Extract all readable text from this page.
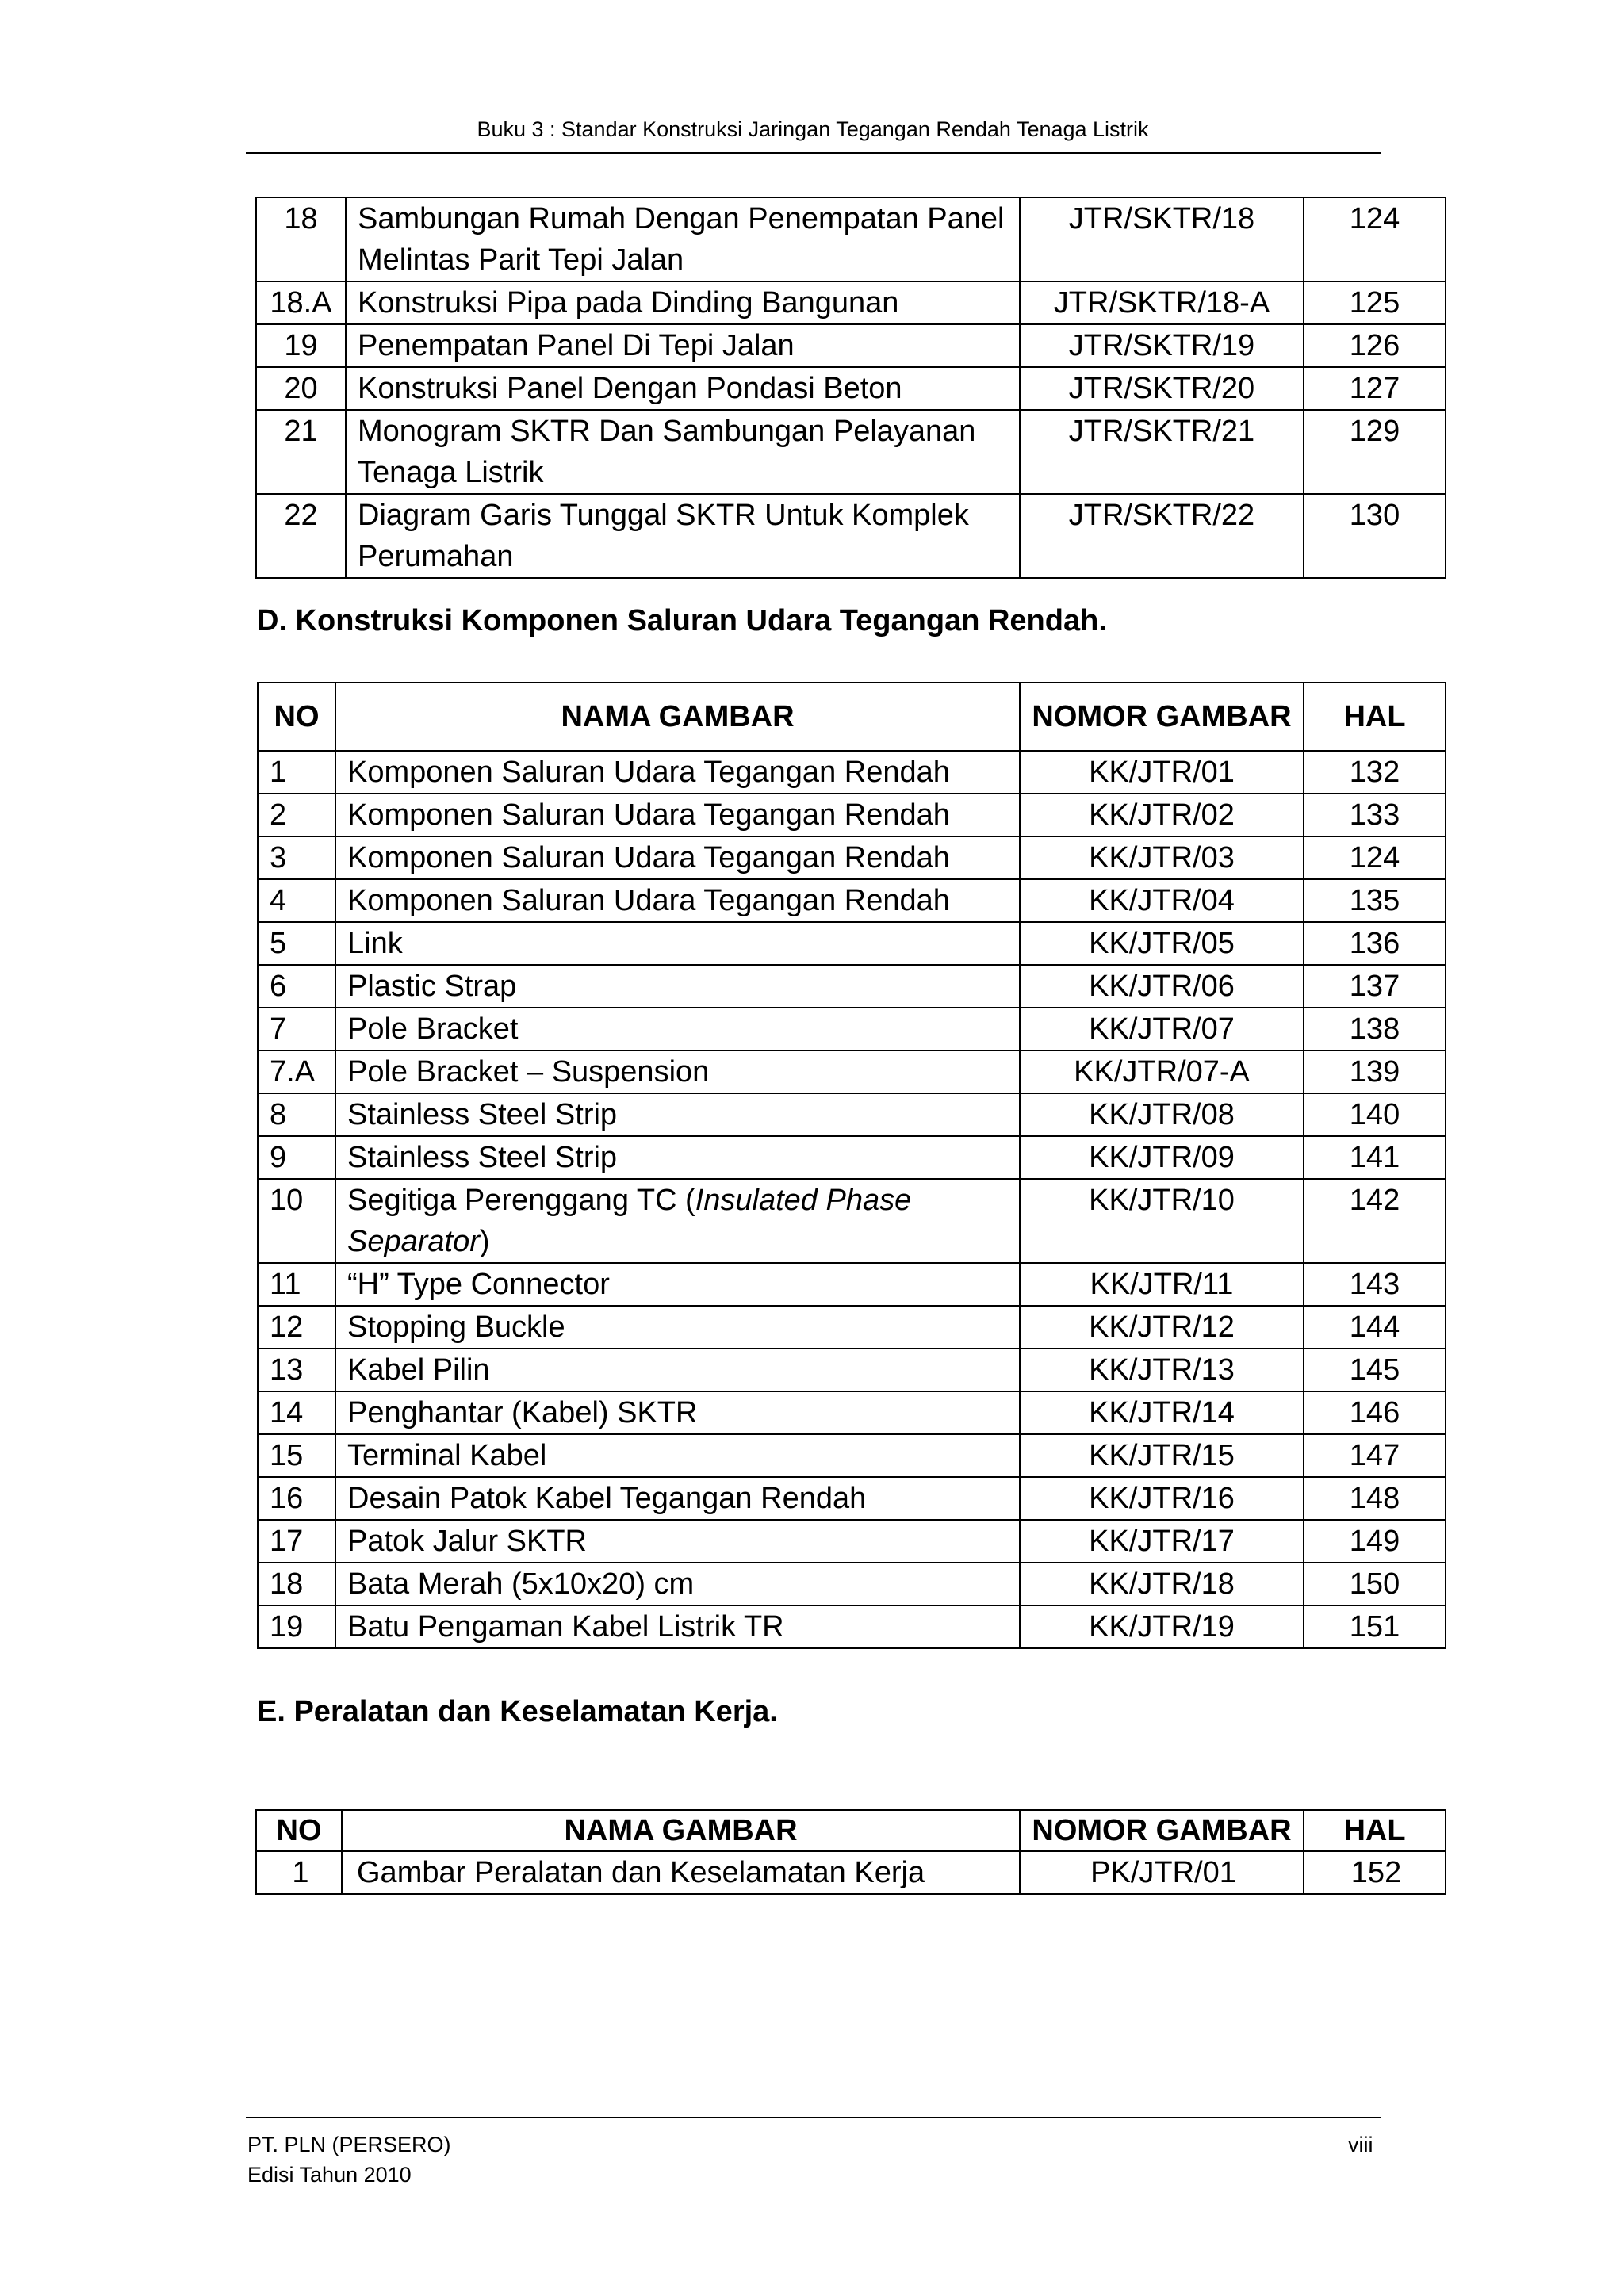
Buku 3 : Standar Konstruksi Jaringan Tegangan Rendah Tenaga Listrik
18	Sambungan Rumah Dengan Penempatan Panel Melintas Parit Tepi Jalan	JTR/SKTR/18	124
18.A	Konstruksi Pipa pada Dinding Bangunan	JTR/SKTR/18-A	125
19	Penempatan Panel Di Tepi Jalan	JTR/SKTR/19	126
20	Konstruksi Panel Dengan Pondasi Beton	JTR/SKTR/20	127
21	Monogram SKTR Dan Sambungan Pelayanan Tenaga Listrik	JTR/SKTR/21	129
22	Diagram Garis Tunggal SKTR Untuk Komplek Perumahan	JTR/SKTR/22	130
D. Konstruksi Komponen Saluran Udara Tegangan Rendah.
NO	NAMA GAMBAR	NOMOR GAMBAR	HAL
1	Komponen Saluran Udara Tegangan Rendah	KK/JTR/01	132
2	Komponen Saluran Udara Tegangan Rendah	KK/JTR/02	133
3	Komponen Saluran Udara Tegangan Rendah	KK/JTR/03	124
4	Komponen Saluran Udara Tegangan Rendah	KK/JTR/04	135
5	Link	KK/JTR/05	136
6	Plastic Strap	KK/JTR/06	137
7	Pole Bracket	KK/JTR/07	138
7.A	Pole Bracket – Suspension	KK/JTR/07-A	139
8	Stainless Steel Strip	KK/JTR/08	140
9	Stainless Steel Strip	KK/JTR/09	141
10	Segitiga Perenggang TC (Insulated Phase Separator)	KK/JTR/10	142
11	“H” Type Connector	KK/JTR/11	143
12	Stopping Buckle	KK/JTR/12	144
13	Kabel Pilin	KK/JTR/13	145
14	Penghantar (Kabel) SKTR	KK/JTR/14	146
15	Terminal Kabel	KK/JTR/15	147
16	Desain Patok Kabel Tegangan Rendah	KK/JTR/16	148
17	Patok Jalur SKTR	KK/JTR/17	149
18	Bata Merah (5x10x20) cm	KK/JTR/18	150
19	Batu Pengaman Kabel Listrik TR	KK/JTR/19	151
E. Peralatan dan Keselamatan Kerja.
NO	NAMA GAMBAR	NOMOR GAMBAR	HAL
1	Gambar Peralatan dan Keselamatan Kerja	PK/JTR/01	152
PT. PLN (PERSERO)
Edisi Tahun 2010
viii
